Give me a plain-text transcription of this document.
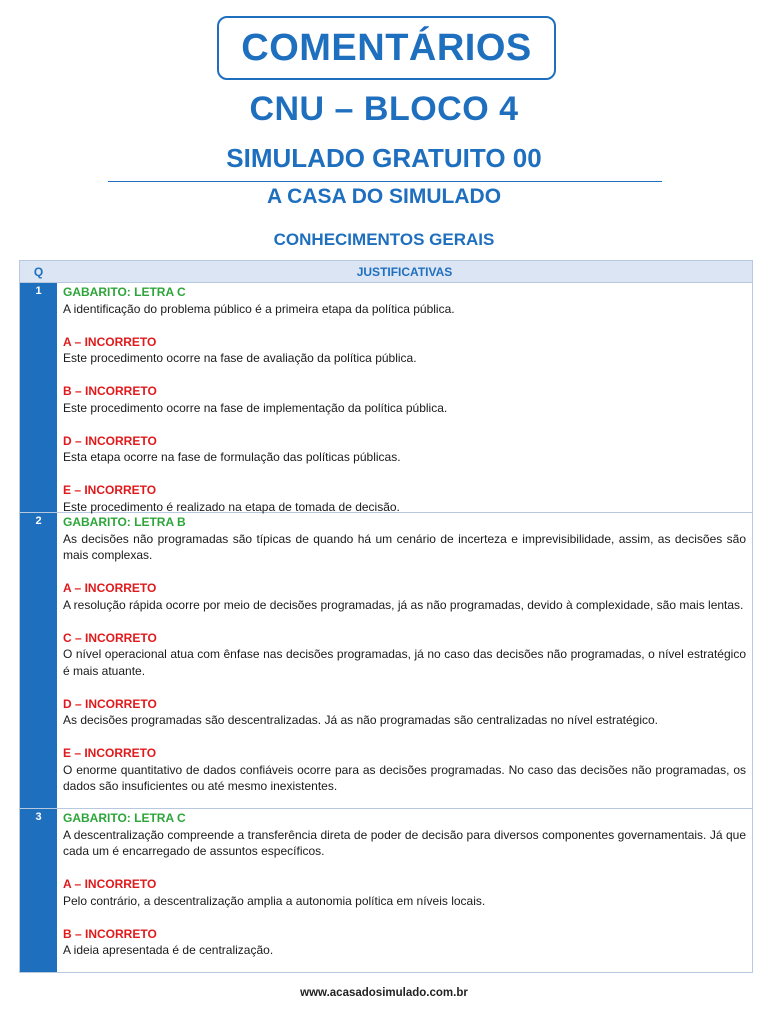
COMENTÁRIOS
CNU – BLOCO 4
SIMULADO GRATUITO 00
A CASA DO SIMULADO
CONHECIMENTOS GERAIS
Q	JUSTIFICATIVAS
1	GABARITO: LETRA C
A identificação do problema público é a primeira etapa da política pública.
A – INCORRETO
Este procedimento ocorre na fase de avaliação da política pública.
B – INCORRETO
Este procedimento ocorre na fase de implementação da política pública.
D – INCORRETO
Esta etapa ocorre na fase de formulação das políticas públicas.
E – INCORRETO
Este procedimento é realizado na etapa de tomada de decisão.
2	GABARITO: LETRA B
As decisões não programadas são típicas de quando há um cenário de incerteza e imprevisibilidade, assim, as decisões são mais complexas.
A – INCORRETO
A resolução rápida ocorre por meio de decisões programadas, já as não programadas, devido à complexidade, são mais lentas.
C – INCORRETO
O nível operacional atua com ênfase nas decisões programadas, já no caso das decisões não programadas, o nível estratégico é mais atuante.
D – INCORRETO
As decisões programadas são descentralizadas. Já as não programadas são centralizadas no nível estratégico.
E – INCORRETO
O enorme quantitativo de dados confiáveis ocorre para as decisões programadas. No caso das decisões não programadas, os dados são insuficientes ou até mesmo inexistentes.
3	GABARITO: LETRA C
A descentralização compreende a transferência direta de poder de decisão para diversos componentes governamentais. Já que cada um é encarregado de assuntos específicos.
A – INCORRETO
Pelo contrário, a descentralização amplia a autonomia política em níveis locais.
B – INCORRETO
A ideia apresentada é de centralização.
www.acasadosimulado.com.br
